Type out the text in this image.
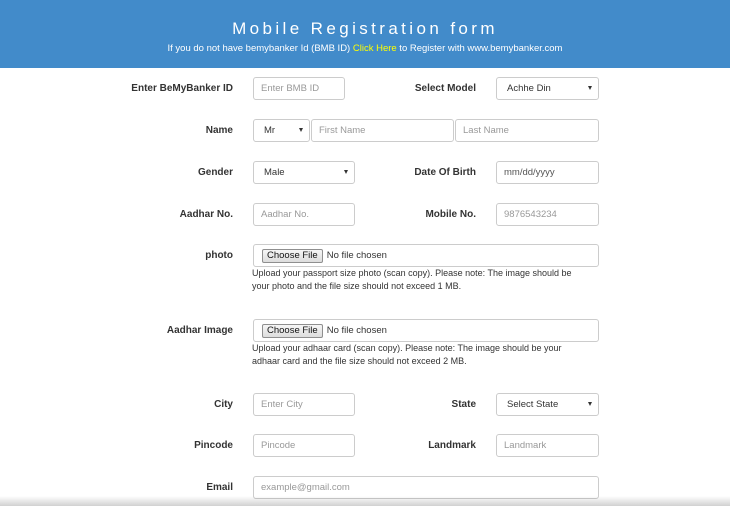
Mobile Registration form
If you do not have bemybanker Id (BMB ID) Click Here to Register with www.bemybanker.com
Enter BeMyBanker ID	Enter BMB ID	Select Model	Achhe Din
Name	Mr	First Name	Last Name
Gender	Male	Date Of Birth	mm/dd/yyyy
Aadhar No.	Aadhar No.	Mobile No.	9876543234
photo	Choose File No file chosen
Upload your passport size photo (scan copy). Please note: The image should be
your photo and the file size should not exceed 1 MB.
Aadhar Image	Choose File No file chosen
Upload your adhaar card (scan copy). Please note: The image should be your
adhaar card and the file size should not exceed 2 MB.
City	Enter City	State	Select State
Pincode	Pincode	Landmark	Landmark
Email	example@gmail.com
